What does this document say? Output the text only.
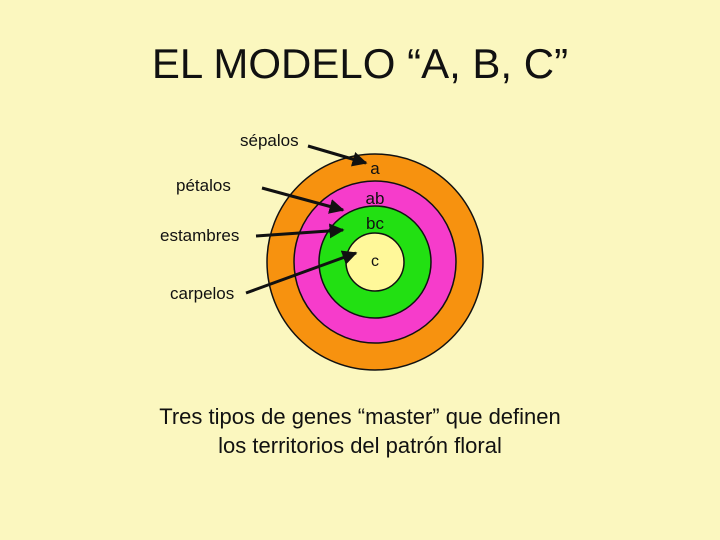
EL MODELO “A, B, C”
a
ab
bc
c
sépalos
pétalos
estambres
carpelos
Tres tipos de genes “master” que definen
los territorios del patrón floral
